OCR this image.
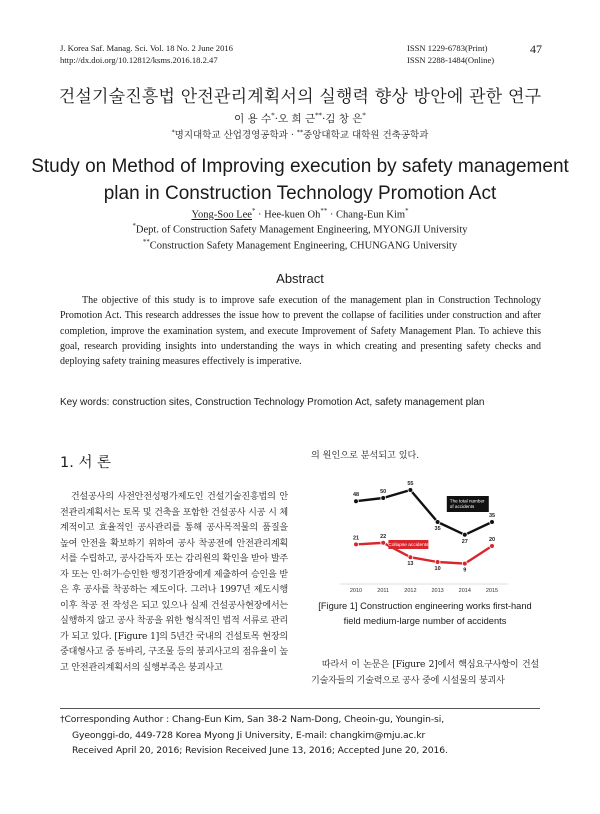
J. Korea Saf. Manag. Sci. Vol. 18 No. 2 June 2016
http://dx.doi.org/10.12812/ksms.2016.18.2.47
ISSN 1229-6783(Print)
ISSN 2288-1484(Online)
47
건설기술진흥법 안전관리계획서의 실행력 향상 방안에 관한 연구
이 용 수*·오 희 근**·김 창 은*
*명지대학교 산업경영공학과 · **중앙대학교 대학원 건축공학과
Study on Method of Improving execution by safety management
plan in Construction Technology Promotion Act
Yong-Soo Lee* · Hee-kuen Oh** · Chang-Eun Kim*
*Dept. of Construction Safety Management Engineering, MYONGJI University
**Construction Safety Management Engineering, CHUNGANG University
Abstract
The objective of this study is to improve safe execution of the management plan in Construction Technology Promotion Act. This research addresses the issue how to prevent the collapse of facilities under construction and after completion, improve the examination system, and execute Improvement of Safety Management Plan. To achieve this goal, research providing insights into understanding the ways in which creating and presenting safety checks and deploying safety training measures effectively is imperative.
Key words: construction sites, Construction Technology Promotion Act, safety management plan
1. 서 론
건설공사의 사전안전성평가제도인 건설기술진흥법의 안전관리계획서는 토목 및 건축을 포함한 건설공사 시공 시 체계적이고 효율적인 공사관리를 통해 공사목적물의 품질을 높여 안전을 확보하기 위하여 공사 착공전에 안전관리계획서를 수립하고, 공사감독자 또는 감리원의 확인을 받아 발주자 또는 인·허가·승인한 행정기관장에게 제출하여 승인을 받은 후 공사를 착공하는 제도이다. 그러나 1997년 제도시행 이후 착공 전 작성은 되고 있으나 실제 건설공사현장에서는 실행하지 않고 공사 착공을 위한 형식적인 법적 서류로 관리가 되고 있다. [Figure 1]의 5년간 국내의 건설토목 현장의 중대형사고 중 동바리, 구조물 등의 붕괴사고의 점유율이 높고 안전관리계획서의 실행부족은 붕괴사고
의 원인으로 분석되고 있다.
2010	2011	2012	2013	2014	2015
48
50
55
35
27
35
21	22
13
10	9
20
The total number of accidents
Collapse accidents
[Figure 1] Construction engineering works first-hand field medium-large number of accidents
따라서 이 논문은 [Figure 2]에서 핵심요구사항이 건설기술자들의 기술력으로 공사 중에 시설물의 붕괴사
†Corresponding Author : Chang-Eun Kim, San 38-2 Nam-Dong, Cheoin-gu, Youngin-si,
Gyeonggi-do, 449-728 Korea Myong Ji University, E-mail: changkim@mju.ac.kr
Received April 20, 2016; Revision Received June 13, 2016; Accepted June 20, 2016.
